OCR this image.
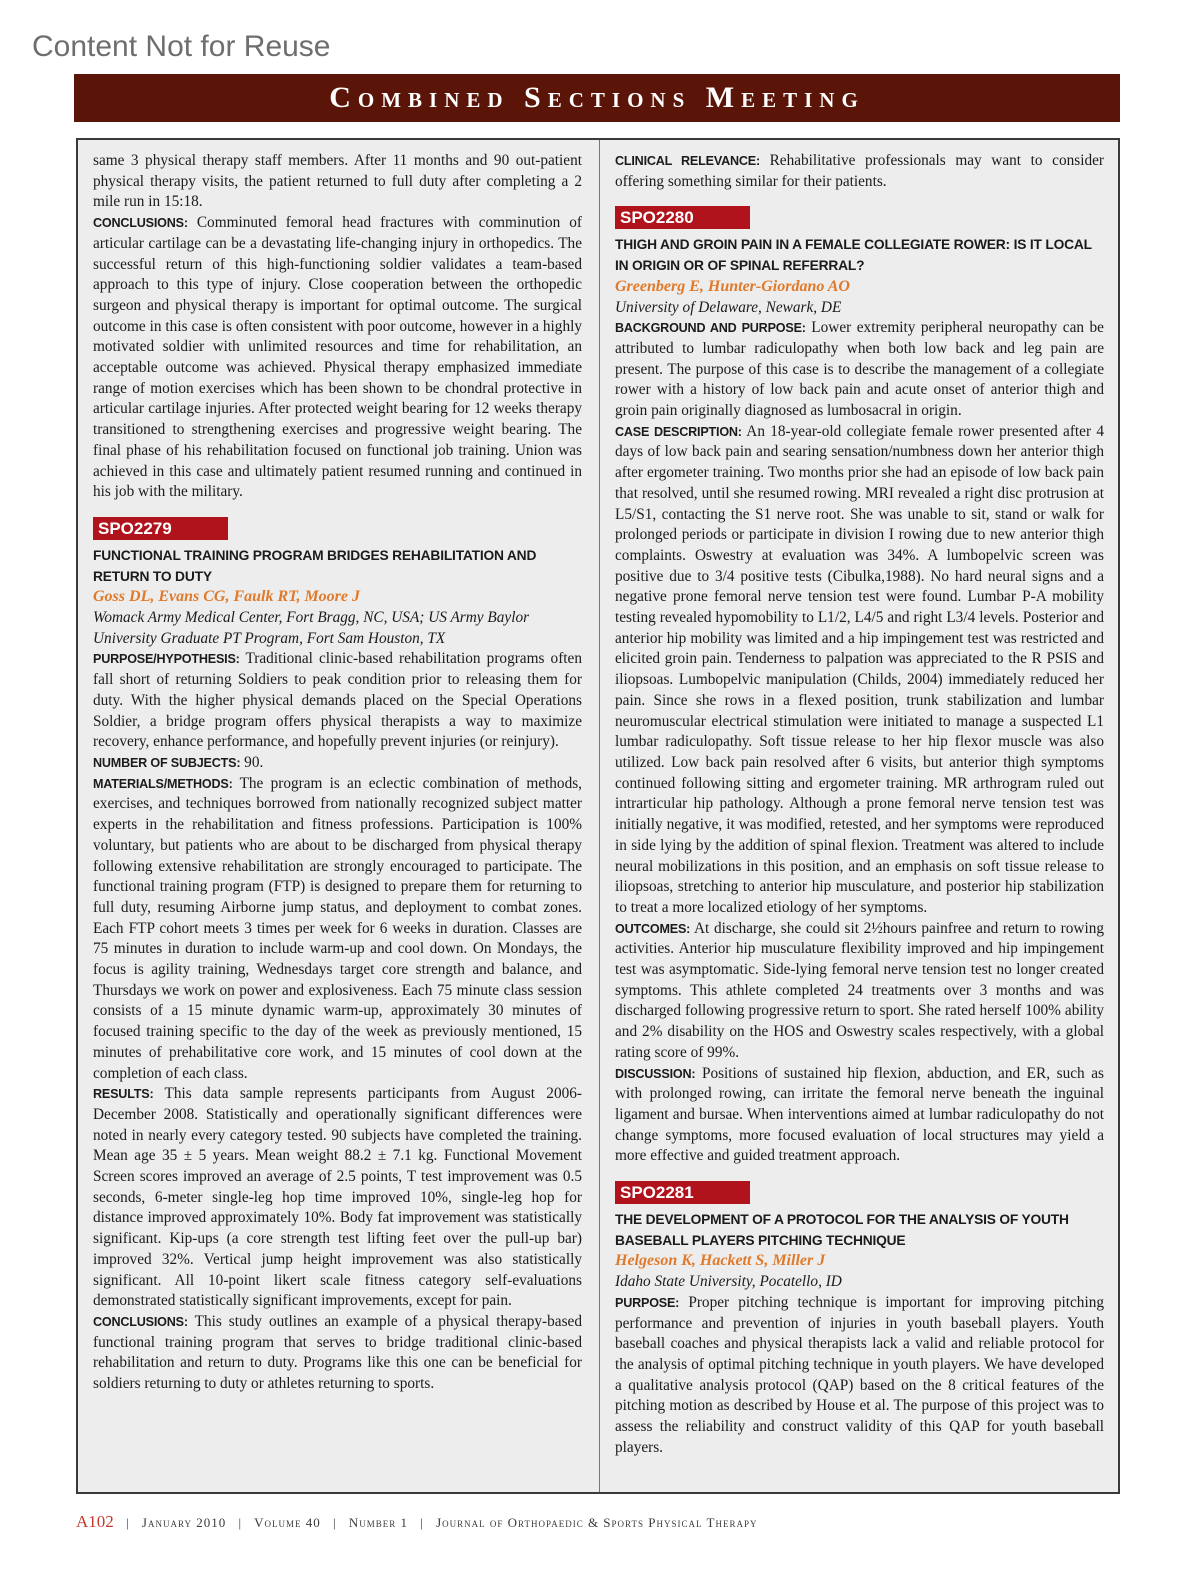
Content Not for Reuse
Combined Sections Meeting

same 3 physical therapy staff members. After 11 months and 90 out-patient physical therapy visits, the patient returned to full duty after completing a 2 mile run in 15:18.

CONCLUSIONS: Comminuted femoral head fractures with comminution of articular cartilage can be a devastating life-changing injury in orthopedics. The successful return of this high-functioning soldier validates a team-based approach to this type of injury. Close cooperation between the orthopedic surgeon and physical therapy is important for optimal outcome. The surgical outcome in this case is often consistent with poor outcome, however in a highly motivated soldier with unlimited resources and time for rehabilitation, an acceptable outcome was achieved. Physical therapy emphasized immediate range of motion exercises which has been shown to be chondral protective in articular cartilage injuries. After protected weight bearing for 12 weeks therapy transitioned to strengthening exercises and progressive weight bearing. The final phase of his rehabilitation focused on functional job training. Union was achieved in this case and ultimately patient resumed running and continued in his job with the military.

SPO2279
FUNCTIONAL TRAINING PROGRAM BRIDGES REHABILITATION AND RETURN TO DUTY
Goss DL, Evans CG, Faulk RT, Moore J
Womack Army Medical Center, Fort Bragg, NC, USA; US Army Baylor University Graduate PT Program, Fort Sam Houston, TX

PURPOSE/HYPOTHESIS: Traditional clinic-based rehabilitation programs often fall short of returning Soldiers to peak condition prior to releasing them for duty. With the higher physical demands placed on the Special Operations Soldier, a bridge program offers physical therapists a way to maximize recovery, enhance performance, and hopefully prevent injuries (or reinjury).

NUMBER OF SUBJECTS: 90.

MATERIALS/METHODS: The program is an eclectic combination of methods, exercises, and techniques borrowed from nationally recognized subject matter experts in the rehabilitation and fitness professions. Participation is 100% voluntary, but patients who are about to be discharged from physical therapy following extensive rehabilitation are strongly encouraged to participate. The functional training program (FTP) is designed to prepare them for returning to full duty, resuming Airborne jump status, and deployment to combat zones. Each FTP cohort meets 3 times per week for 6 weeks in duration. Classes are 75 minutes in duration to include warm-up and cool down. On Mondays, the focus is agility training, Wednesdays target core strength and balance, and Thursdays we work on power and explosiveness. Each 75 minute class session consists of a 15 minute dynamic warm-up, approximately 30 minutes of focused training specific to the day of the week as previously mentioned, 15 minutes of prehabilitative core work, and 15 minutes of cool down at the completion of each class.

RESULTS: This data sample represents participants from August 2006-December 2008. Statistically and operationally significant differences were noted in nearly every category tested. 90 subjects have completed the training. Mean age 35 ± 5 years. Mean weight 88.2 ± 7.1 kg. Functional Movement Screen scores improved an average of 2.5 points, T test improvement was 0.5 seconds, 6-meter single-leg hop time improved 10%, single-leg hop for distance improved approximately 10%. Body fat improvement was statistically significant. Kip-ups (a core strength test lifting feet over the pull-up bar) improved 32%. Vertical jump height improvement was also statistically significant. All 10-point likert scale fitness category self-evaluations demonstrated statistically significant improvements, except for pain.

CONCLUSIONS: This study outlines an example of a physical therapy-based functional training program that serves to bridge traditional clinic-based rehabilitation and return to duty. Programs like this one can be beneficial for soldiers returning to duty or athletes returning to sports.

CLINICAL RELEVANCE: Rehabilitative professionals may want to consider offering something similar for their patients.

SPO2280
THIGH AND GROIN PAIN IN A FEMALE COLLEGIATE ROWER: IS IT LOCAL IN ORIGIN OR OF SPINAL REFERRAL?
Greenberg E, Hunter-Giordano AO
University of Delaware, Newark, DE

BACKGROUND AND PURPOSE: Lower extremity peripheral neuropathy can be attributed to lumbar radiculopathy when both low back and leg pain are present. The purpose of this case is to describe the management of a collegiate rower with a history of low back pain and acute onset of anterior thigh and groin pain originally diagnosed as lumbosacral in origin.

CASE DESCRIPTION: An 18-year-old collegiate female rower presented after 4 days of low back pain and searing sensation/numbness down her anterior thigh after ergometer training. Two months prior she had an episode of low back pain that resolved, until she resumed rowing. MRI revealed a right disc protrusion at L5/S1, contacting the S1 nerve root. She was unable to sit, stand or walk for prolonged periods or participate in division I rowing due to new anterior thigh complaints. Oswestry at evaluation was 34%. A lumbopelvic screen was positive due to 3/4 positive tests (Cibulka,1988). No hard neural signs and a negative prone femoral nerve tension test were found. Lumbar P-A mobility testing revealed hypomobility to L1/2, L4/5 and right L3/4 levels. Posterior and anterior hip mobility was limited and a hip impingement test was restricted and elicited groin pain. Tenderness to palpation was appreciated to the R PSIS and iliopsoas. Lumbopelvic manipulation (Childs, 2004) immediately reduced her pain. Since she rows in a flexed position, trunk stabilization and lumbar neuromuscular electrical stimulation were initiated to manage a suspected L1 lumbar radiculopathy. Soft tissue release to her hip flexor muscle was also utilized. Low back pain resolved after 6 visits, but anterior thigh symptoms continued following sitting and ergometer training. MR arthrogram ruled out intrarticular hip pathology. Although a prone femoral nerve tension test was initially negative, it was modified, retested, and her symptoms were reproduced in side lying by the addition of spinal flexion. Treatment was altered to include neural mobilizations in this position, and an emphasis on soft tissue release to iliopsoas, stretching to anterior hip musculature, and posterior hip stabilization to treat a more localized etiology of her symptoms.

OUTCOMES: At discharge, she could sit 2½hours painfree and return to rowing activities. Anterior hip musculature flexibility improved and hip impingement test was asymptomatic. Side-lying femoral nerve tension test no longer created symptoms. This athlete completed 24 treatments over 3 months and was discharged following progressive return to sport. She rated herself 100% ability and 2% disability on the HOS and Oswestry scales respectively, with a global rating score of 99%.

DISCUSSION: Positions of sustained hip flexion, abduction, and ER, such as with prolonged rowing, can irritate the femoral nerve beneath the inguinal ligament and bursae. When interventions aimed at lumbar radiculopathy do not change symptoms, more focused evaluation of local structures may yield a more effective and guided treatment approach.

SPO2281
THE DEVELOPMENT OF A PROTOCOL FOR THE ANALYSIS OF YOUTH BASEBALL PLAYERS PITCHING TECHNIQUE
Helgeson K, Hackett S, Miller J
Idaho State University, Pocatello, ID

PURPOSE: Proper pitching technique is important for improving pitching performance and prevention of injuries in youth baseball players. Youth baseball coaches and physical therapists lack a valid and reliable protocol for the analysis of optimal pitching technique in youth players. We have developed a qualitative analysis protocol (QAP) based on the 8 critical features of the pitching motion as described by House et al. The purpose of this project was to assess the reliability and construct validity of this QAP for youth baseball players.

A102 | January 2010 | Volume 40 | Number 1 | Journal of Orthopaedic & Sports Physical Therapy
